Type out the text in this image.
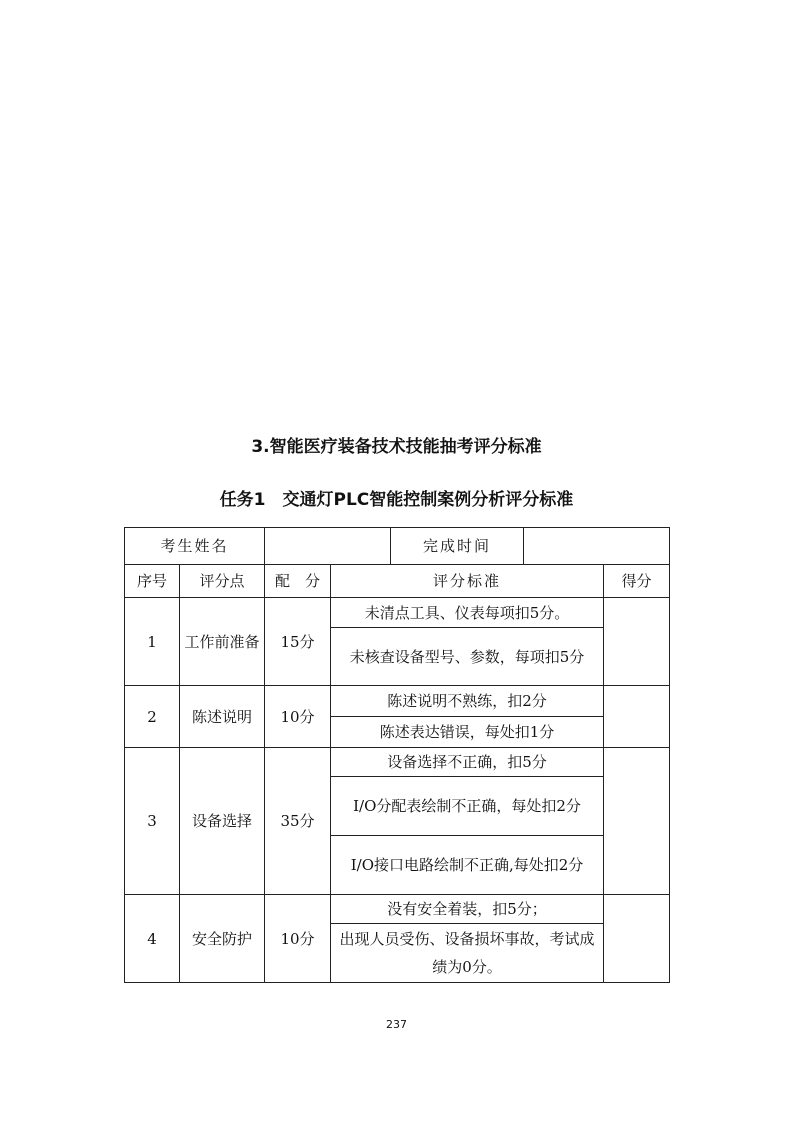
3.智能医疗装备技术技能抽考评分标准
任务1　交通灯PLC智能控制案例分析评分标准
考生姓名				完成时间		
序号	评分点	配　分	评分标准			得分
1	工作前准备	15分	未清点工具、仪表每项扣5分。			
			未核查设备型号、参数，每项扣5分			
2	陈述说明	10分	陈述说明不熟练，扣2分			
			陈述表达错误，每处扣1分			
3	设备选择	35分	设备选择不正确，扣5分			
			I/O分配表绘制不正确，每处扣2分			
			I/O接口电路绘制不正确,每处扣2分			
4	安全防护	10分	没有安全着装，扣5分；			
			出现人员受伤、设备损坏事故，考试成绩为0分。			
237
